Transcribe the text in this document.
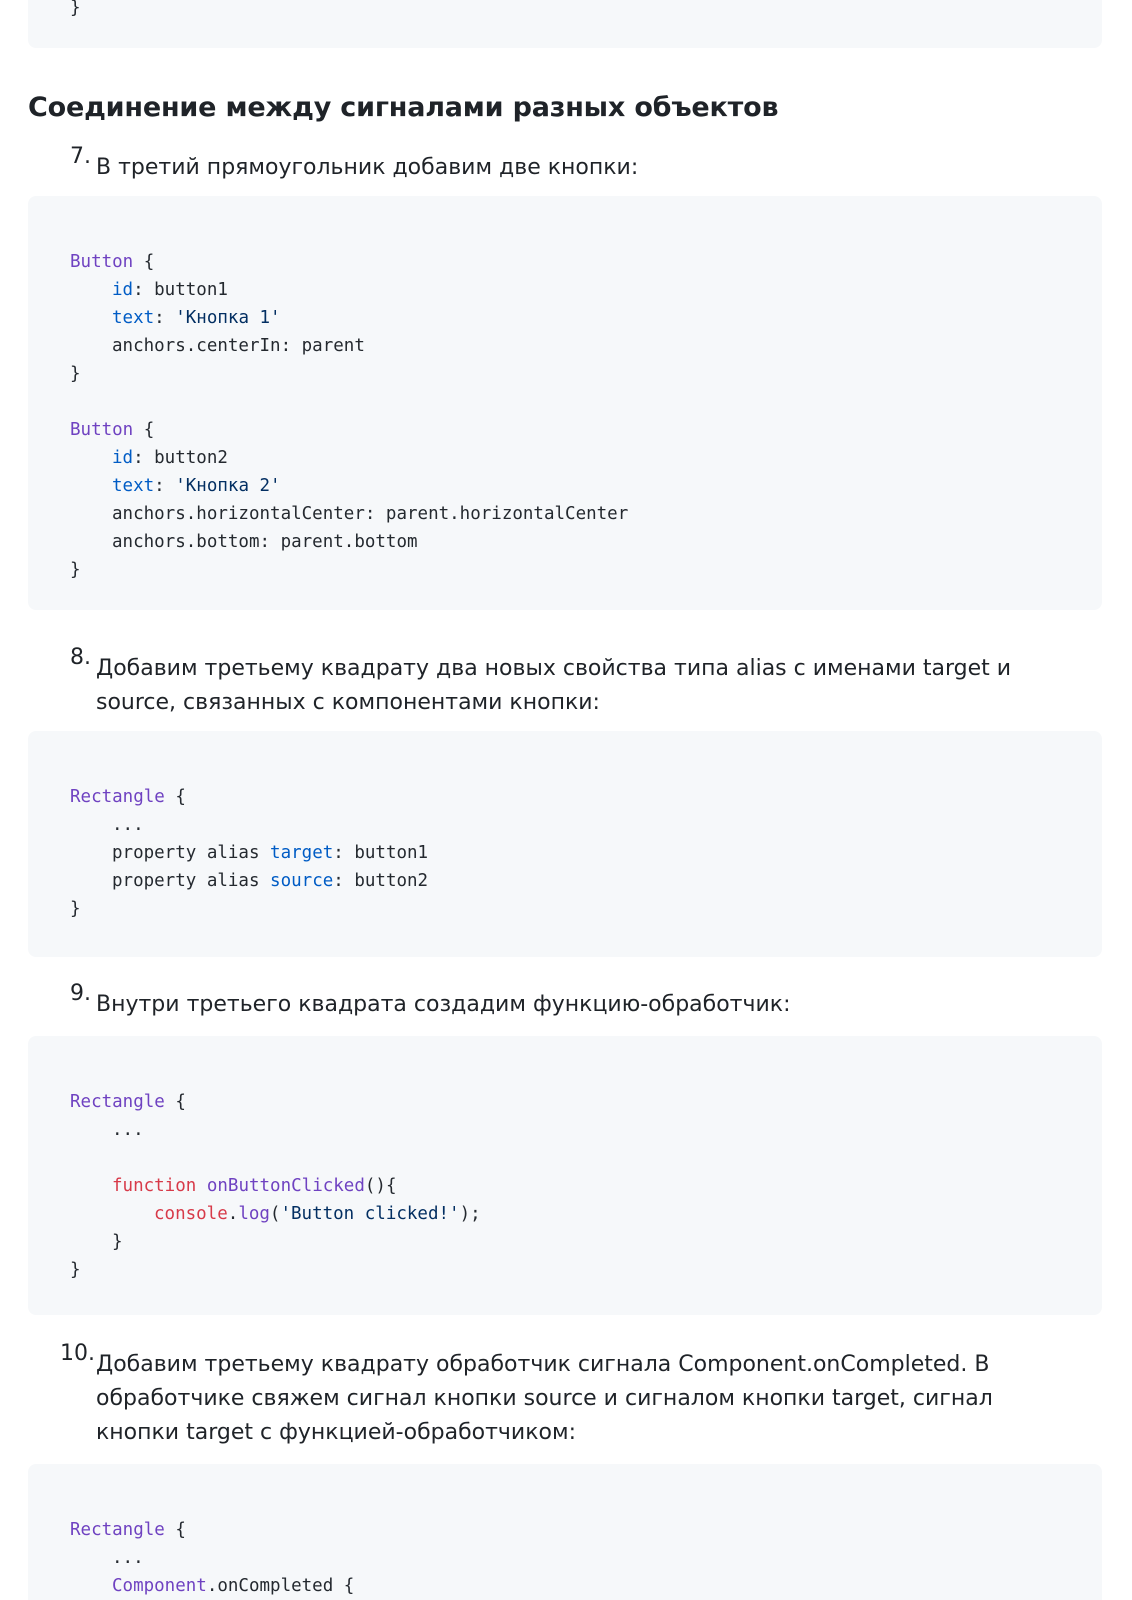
}
Соединение между сигналами разных объектов
7. В третий прямоугольник добавим две кнопки:
Button {
id: button1
text: 'Кнопка 1'
anchors.centerIn: parent
}
Button {
id: button2
text: 'Кнопка 2'
anchors.horizontalCenter: parent.horizontalCenter
anchors.bottom: parent.bottom
}
8. Добавим третьему квадрату два новых свойства типа alias с именами target и source, связанных с компонентами кнопки:
Rectangle {
...
property alias target: button1
property alias source: button2
}
9. Внутри третьего квадрата создадим функцию-обработчик:
Rectangle {
...
function onButtonClicked(){
console.log('Button clicked!');
}
}
10. Добавим третьему квадрату обработчик сигнала Component.onCompleted. В обработчике свяжем сигнал кнопки source и сигналом кнопки target, сигнал кнопки target с функцией-обработчиком:
Rectangle {
...
Component.onCompleted {
